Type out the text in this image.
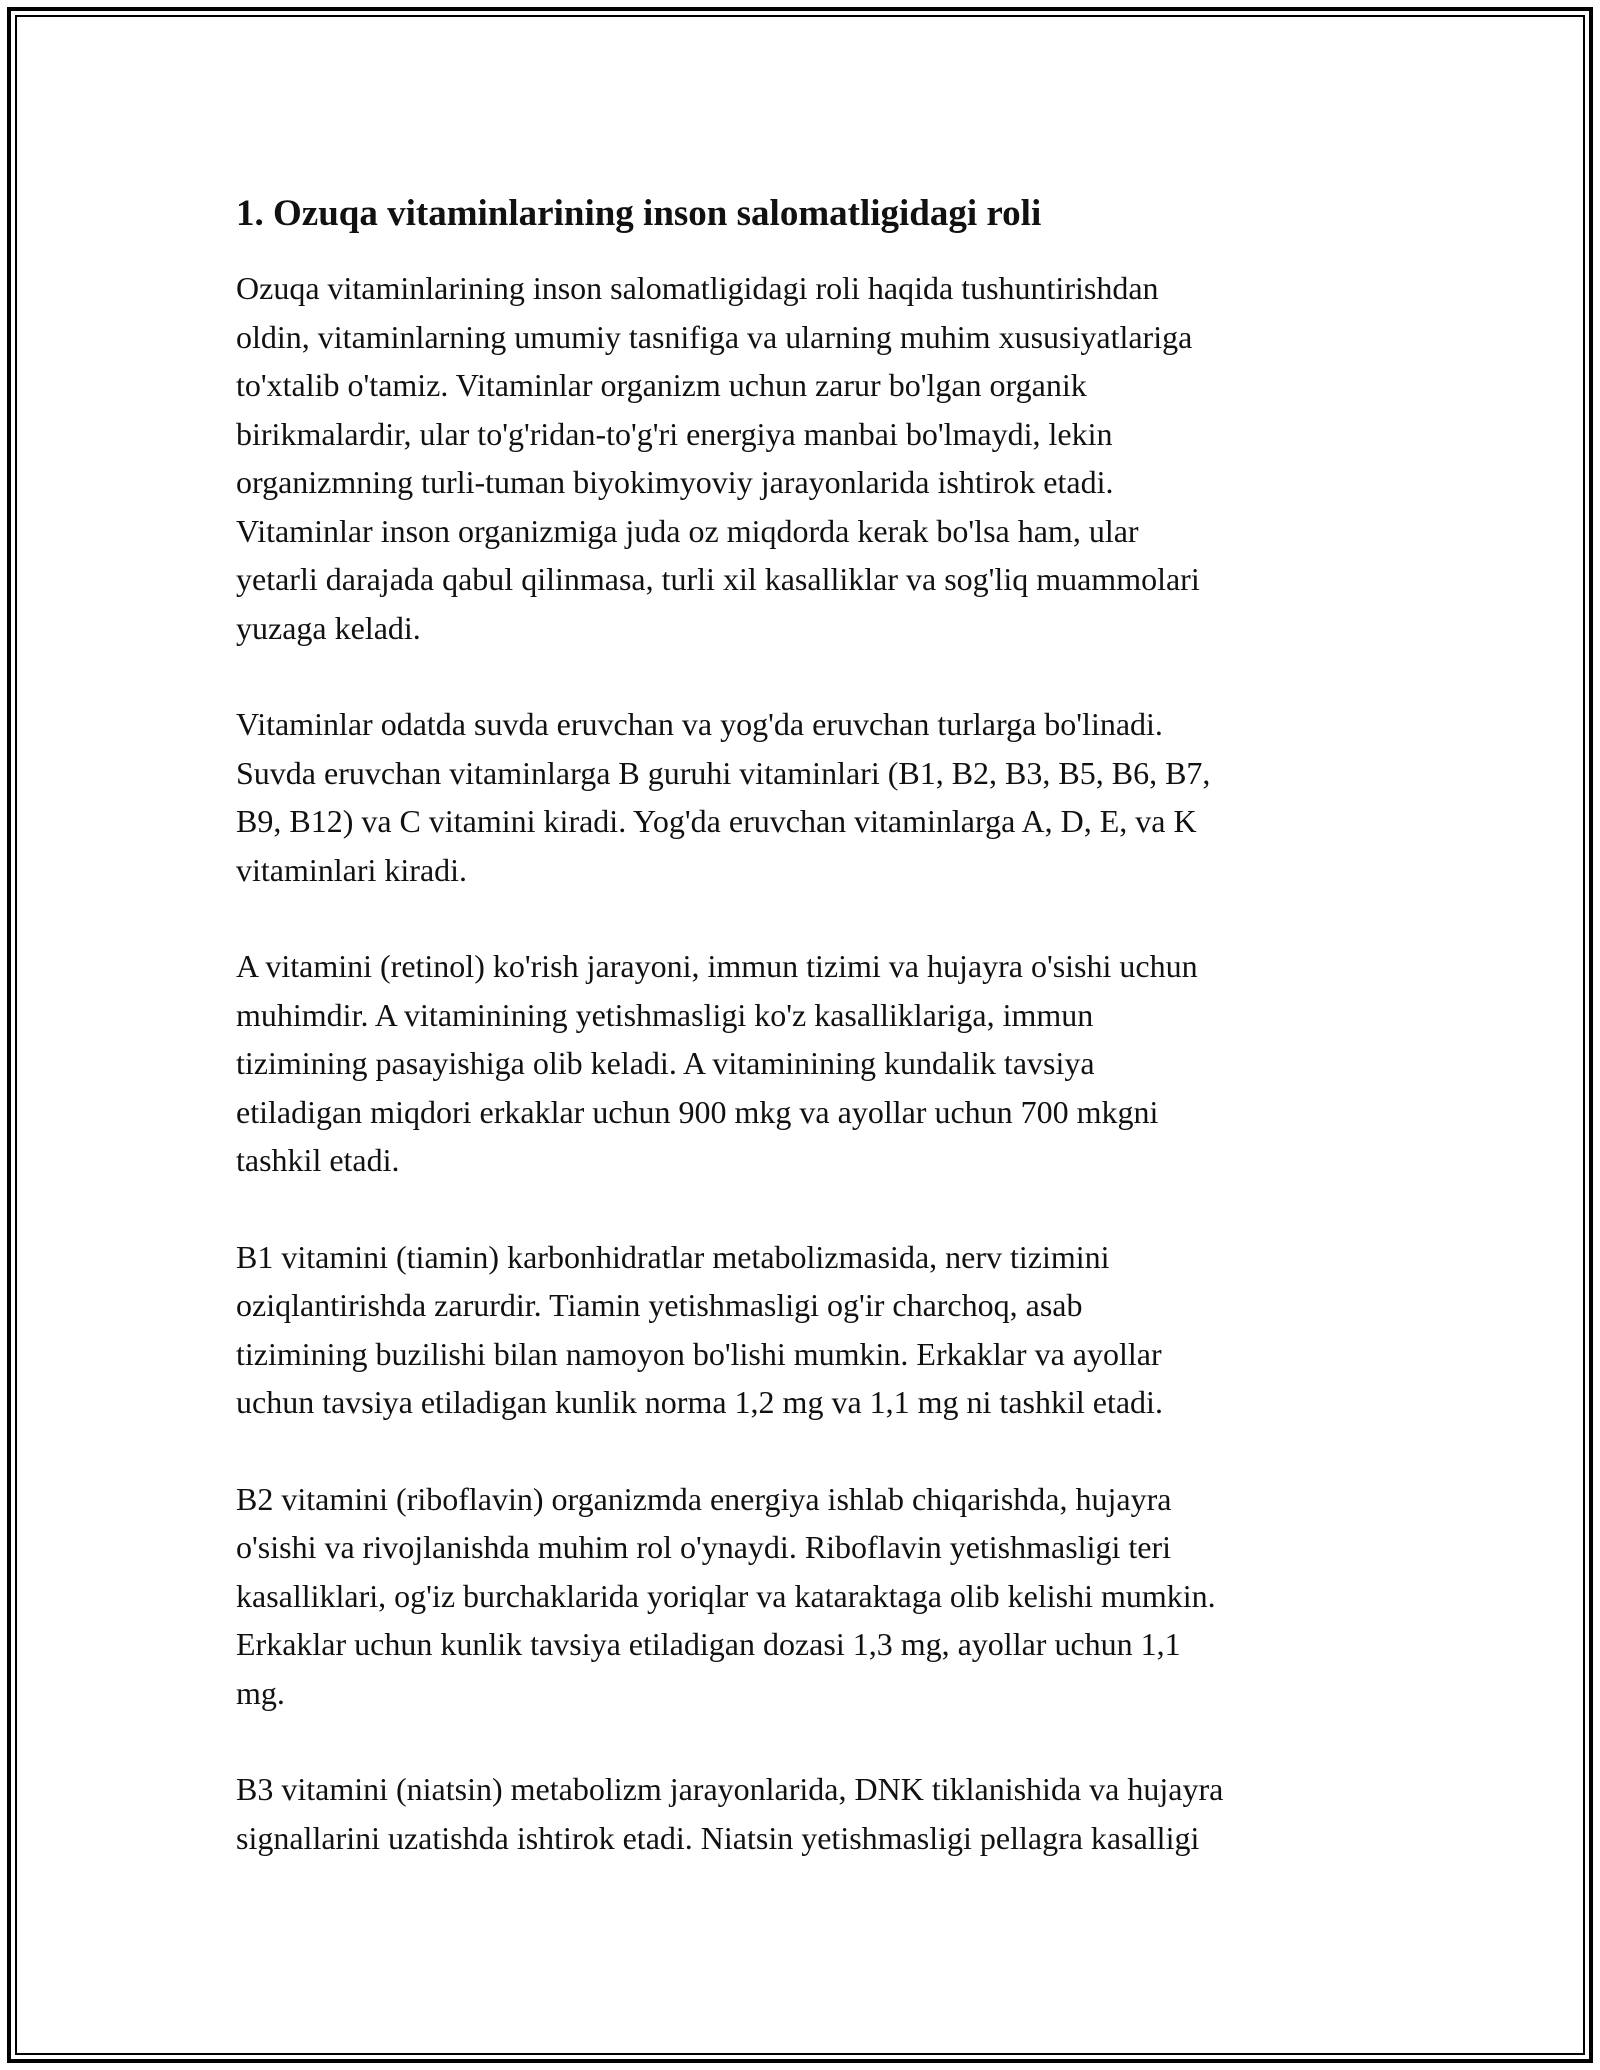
1. Ozuqa vitaminlarining inson salomatligidagi roli

Ozuqa vitaminlarining inson salomatligidagi roli haqida tushuntirishdan
oldin, vitaminlarning umumiy tasnifiga va ularning muhim xususiyatlariga
to'xtalib o'tamiz. Vitaminlar organizm uchun zarur bo'lgan organik
birikmalardir, ular to'g'ridan-to'g'ri energiya manbai bo'lmaydi, lekin
organizmning turli-tuman biyokimyoviy jarayonlarida ishtirok etadi.
Vitaminlar inson organizmiga juda oz miqdorda kerak bo'lsa ham, ular
yetarli darajada qabul qilinmasa, turli xil kasalliklar va sog'liq muammolari
yuzaga keladi.

Vitaminlar odatda suvda eruvchan va yog'da eruvchan turlarga bo'linadi.
Suvda eruvchan vitaminlarga B guruhi vitaminlari (B1, B2, B3, B5, B6, B7,
B9, B12) va C vitamini kiradi. Yog'da eruvchan vitaminlarga A, D, E, va K
vitaminlari kiradi.

A vitamini (retinol) ko'rish jarayoni, immun tizimi va hujayra o'sishi uchun
muhimdir. A vitaminining yetishmasligi ko'z kasalliklariga, immun
tizimining pasayishiga olib keladi. A vitaminining kundalik tavsiya
etiladigan miqdori erkaklar uchun 900 mkg va ayollar uchun 700 mkgni
tashkil etadi.

B1 vitamini (tiamin) karbonhidratlar metabolizmasida, nerv tizimini
oziqlantirishda zarurdir. Tiamin yetishmasligi og'ir charchoq, asab
tizimining buzilishi bilan namoyon bo'lishi mumkin. Erkaklar va ayollar
uchun tavsiya etiladigan kunlik norma 1,2 mg va 1,1 mg ni tashkil etadi.

B2 vitamini (riboflavin) organizmda energiya ishlab chiqarishda, hujayra
o'sishi va rivojlanishda muhim rol o'ynaydi. Riboflavin yetishmasligi teri
kasalliklari, og'iz burchaklarida yoriqlar va kataraktaga olib kelishi mumkin.
Erkaklar uchun kunlik tavsiya etiladigan dozasi 1,3 mg, ayollar uchun 1,1
mg.

B3 vitamini (niatsin) metabolizm jarayonlarida, DNK tiklanishida va hujayra
signallarini uzatishda ishtirok etadi. Niatsin yetishmasligi pellagra kasalligi
